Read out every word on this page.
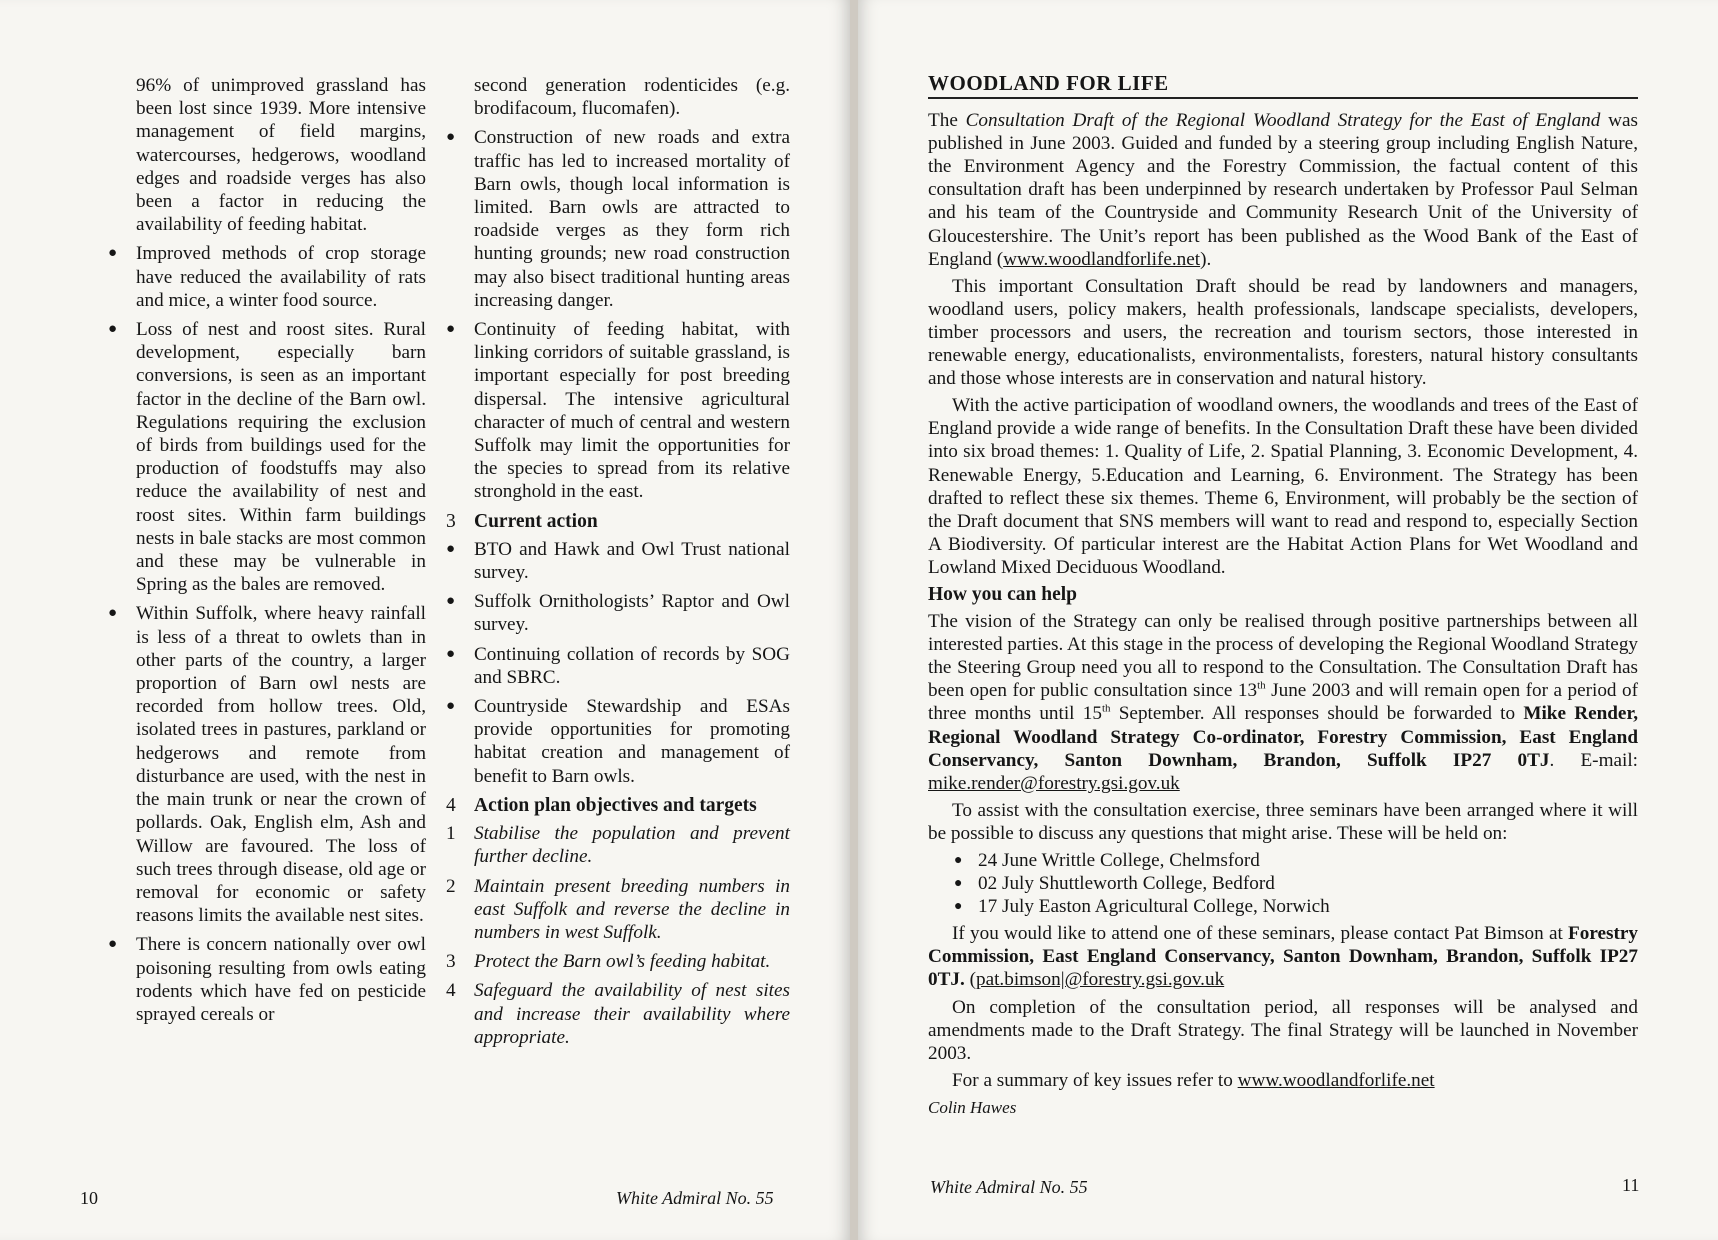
96% of unimproved grassland has been lost since 1939. More intensive management of field margins, watercourses, hedgerows, woodland edges and roadside verges has also been a factor in reducing the availability of feeding habitat.
● Improved methods of crop storage have reduced the availability of rats and mice, a winter food source.
● Loss of nest and roost sites. Rural development, especially barn conversions, is seen as an important factor in the decline of the Barn owl. Regulations requiring the exclusion of birds from buildings used for the production of foodstuffs may also reduce the availability of nest and roost sites. Within farm buildings nests in bale stacks are most common and these may be vulnerable in Spring as the bales are removed.
● Within Suffolk, where heavy rainfall is less of a threat to owlets than in other parts of the country, a larger proportion of Barn owl nests are recorded from hollow trees. Old, isolated trees in pastures, parkland or hedgerows and remote from disturbance are used, with the nest in the main trunk or near the crown of pollards. Oak, English elm, Ash and Willow are favoured. The loss of such trees through disease, old age or removal for economic or safety reasons limits the available nest sites.
● There is concern nationally over owl poisoning resulting from owls eating rodents which have fed on pesticide sprayed cereals or
second generation rodenticides (e.g. brodifacoum, flucomafen).
● Construction of new roads and extra traffic has led to increased mortality of Barn owls, though local information is limited. Barn owls are attracted to roadside verges as they form rich hunting grounds; new road construction may also bisect traditional hunting areas increasing danger.
● Continuity of feeding habitat, with linking corridors of suitable grassland, is important especially for post breeding dispersal. The intensive agricultural character of much of central and western Suffolk may limit the opportunities for the species to spread from its relative stronghold in the east.
3 Current action
● BTO and Hawk and Owl Trust national survey.
● Suffolk Ornithologists’ Raptor and Owl survey.
● Continuing collation of records by SOG and SBRC.
● Countryside Stewardship and ESAs provide opportunities for promoting habitat creation and management of benefit to Barn owls.
4 Action plan objectives and targets
1 Stabilise the population and prevent further decline.
2 Maintain present breeding numbers in east Suffolk and reverse the decline in numbers in west Suffolk.
3 Protect the Barn owl’s feeding habitat.
4 Safeguard the availability of nest sites and increase their availability where appropriate.
10	White Admiral No. 55
WOODLAND FOR LIFE

The Consultation Draft of the Regional Woodland Strategy for the East of England was published in June 2003. Guided and funded by a steering group including English Nature, the Environment Agency and the Forestry Commission, the factual content of this consultation draft has been underpinned by research undertaken by Professor Paul Selman and his team of the Countryside and Community Research Unit of the University of Gloucestershire. The Unit’s report has been published as the Wood Bank of the East of England (www.woodlandforlife.net).

This important Consultation Draft should be read by landowners and managers, woodland users, policy makers, health professionals, landscape specialists, developers, timber processors and users, the recreation and tourism sectors, those interested in renewable energy, educationalists, environmentalists, foresters, natural history consultants and those whose interests are in conservation and natural history.

With the active participation of woodland owners, the woodlands and trees of the East of England provide a wide range of benefits. In the Consultation Draft these have been divided into six broad themes: 1. Quality of Life, 2. Spatial Planning, 3. Economic Development, 4. Renewable Energy, 5.Education and Learning, 6. Environment. The Strategy has been drafted to reflect these six themes. Theme 6, Environment, will probably be the section of the Draft document that SNS members will want to read and respond to, especially Section A Biodiversity. Of particular interest are the Habitat Action Plans for Wet Woodland and Lowland Mixed Deciduous Woodland.

How you can help

The vision of the Strategy can only be realised through positive partnerships between all interested parties. At this stage in the process of developing the Regional Woodland Strategy the Steering Group need you all to respond to the Consultation. The Consultation Draft has been open for public consultation since 13th June 2003 and will remain open for a period of three months until 15th September. All responses should be forwarded to Mike Render, Regional Woodland Strategy Co-ordinator, Forestry Commission, East England Conservancy, Santon Downham, Brandon, Suffolk IP27 0TJ. E-mail: mike.render@forestry.gsi.gov.uk

To assist with the consultation exercise, three seminars have been arranged where it will be possible to discuss any questions that might arise. These will be held on:

● 24 June Writtle College, Chelmsford
● 02 July Shuttleworth College, Bedford
● 17 July Easton Agricultural College, Norwich

If you would like to attend one of these seminars, please contact Pat Bimson at Forestry Commission, East England Conservancy, Santon Downham, Brandon, Suffolk IP27 0TJ. (pat.bimson|@forestry.gsi.gov.uk

On completion of the consultation period, all responses will be analysed and amendments made to the Draft Strategy. The final Strategy will be launched in November 2003.

For a summary of key issues refer to www.woodlandforlife.net

Colin Hawes
White Admiral No. 55	11
